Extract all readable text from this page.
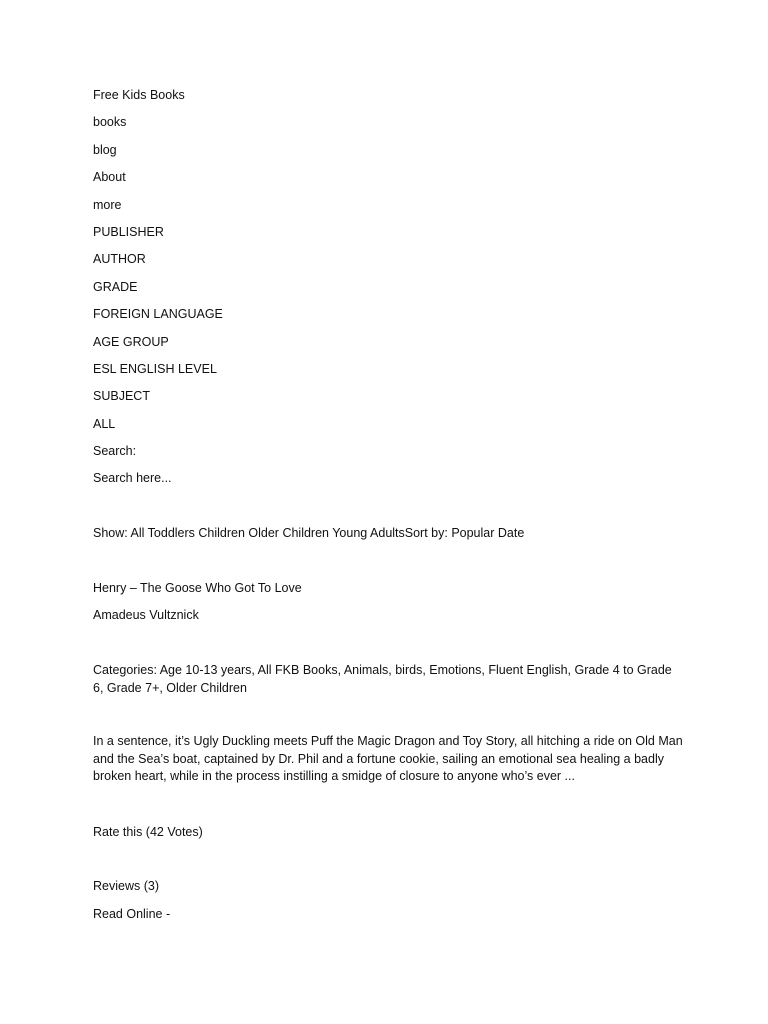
Free Kids Books
books
blog
About
more
PUBLISHER
AUTHOR
GRADE
FOREIGN LANGUAGE
AGE GROUP
ESL ENGLISH LEVEL
SUBJECT
ALL
Search:
Search here...
Show: All Toddlers Children Older Children Young AdultsSort by: Popular Date
Henry – The Goose Who Got To Love
Amadeus Vultznick
Categories: Age 10-13 years, All FKB Books, Animals, birds, Emotions, Fluent English, Grade 4 to Grade 6, Grade 7+, Older Children
In a sentence, it’s Ugly Duckling meets Puff the Magic Dragon and Toy Story, all hitching a ride on Old Man and the Sea’s boat, captained by Dr. Phil and a fortune cookie, sailing an emotional sea healing a badly broken heart, while in the process instilling a smidge of closure to anyone who’s ever ...
Rate this (42 Votes)
Reviews (3)
Read Online -
